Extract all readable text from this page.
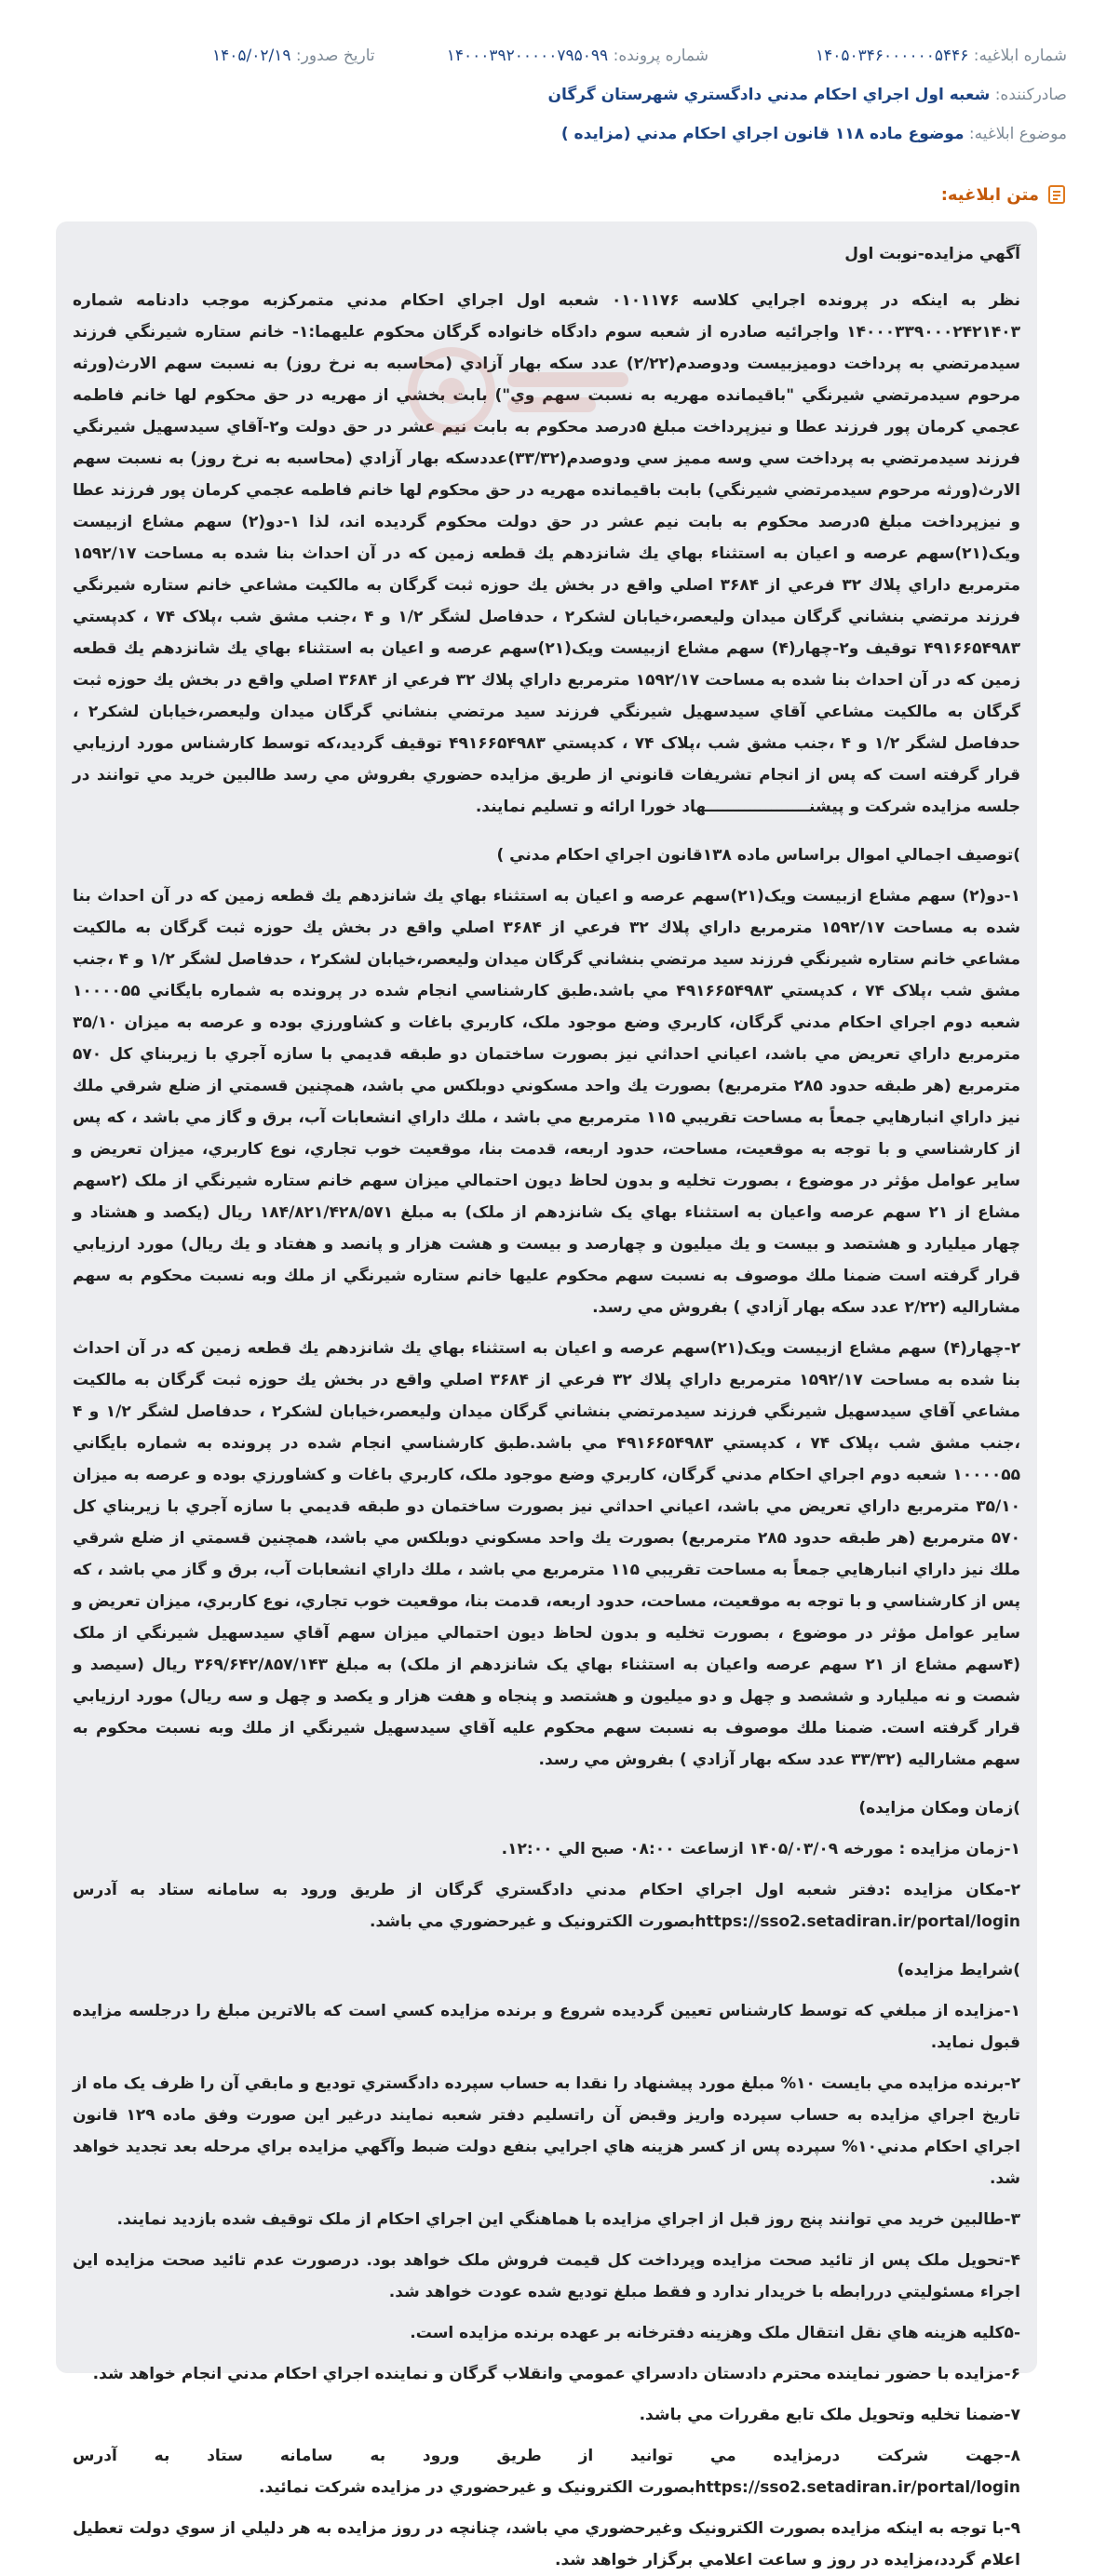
شماره ابلاغيه: ۱۴۰۵۰۳۴۶۰۰۰۰۰۰۵۴۴۶
شماره پرونده: ۱۴۰۰۰۳۹۲۰۰۰۰۰۷۹۵۰۹۹
تاريخ صدور: ۱۴۰۵/۰۲/۱۹
صادرکننده: شعبه اول اجراي احكام مدني دادگستري شهرستان گرگان
موضوع ابلاغيه: موضوع ماده ۱۱۸ قانون اجراي احکام مدني (مزايده )
متن ابلاغيه:

آگهي مزايده-نوبت اول

نظر به اينکه در پرونده اجرايي کلاسه ۰۱۰۱۱۷۶ شعبه اول اجراي احكام مدني متمركزبه موجب دادنامه شماره ۱۴۰۰۰۳۳۹۰۰۰۲۴۲۱۴۰۳ واجرائيه صادره از شعبه سوم دادگاه خانواده گرگان محکوم عليهما:۱- خانم ستاره شيرنگي فرزند سيدمرتضي به پرداخت دوميزبيست ودوصدم(۲/۲۲) عدد سكه بهار آزادي (محاسبه به نرخ روز) به نسبت سهم الارث(ورثه مرحوم سيدمرتضي شيرنگي "باقيمانده مهريه به نسبت سهم وي") بابت بخشي از مهريه در حق محكوم لها خانم فاطمه عجمي كرمان پور فرزند عطا و نيزپرداخت مبلغ ۵درصد محكوم به بابت نيم عشر در حق دولت و۲-آقاي سيدسهيل شيرنگي فرزند سيدمرتضي به پرداخت سي وسه مميز سي ودوصدم(۳۳/۳۲)عددسکه بهار آزادي (محاسبه به نرخ روز) به نسبت سهم الارث(ورثه مرحوم سيدمرتضي شيرنگي) بابت باقيمانده مهريه در حق محكوم لها خانم فاطمه عجمي كرمان پور فرزند عطا و نيزپرداخت مبلغ ۵درصد محكوم به بابت نيم عشر در حق دولت محکوم گرديده اند، لذا ۱-دو(۲) سهم مشاع ازبيست ويک(۲۱)سهم عرصه و اعيان به استثناء بهاي يك شانزدهم يك قطعه زمين كه در آن احداث بنا شده به مساحت ۱۵۹۲/۱۷ مترمربع داراي پلاك ۳۲ فرعي از ۳۶۸۴ اصلي واقع در بخش يك حوزه ثبت گرگان به مالكيت مشاعي خانم ستاره شيرنگي فرزند مرتضي بنشاني گرگان ميدان وليعصر،خيابان لشكر۲ ، حدفاصل لشگر ۱/۲ و ۴ ،جنب مشق شب ،پلاک ۷۴ ، کدپستي ۴۹۱۶۶۵۴۹۸۳ توقيف و۲-چهار(۴) سهم مشاع ازبيست ويک(۲۱)سهم عرصه و اعيان به استثناء بهاي يك شانزدهم يك قطعه زمين كه در آن احداث بنا شده به مساحت ۱۵۹۲/۱۷ مترمربع داراي پلاك ۳۲ فرعي از ۳۶۸۴ اصلي واقع در بخش يك حوزه ثبت گرگان به مالكيت مشاعي آقاي سيدسهيل شيرنگي فرزند سيد مرتضي بنشاني گرگان ميدان وليعصر،خيابان لشكر۲ ، حدفاصل لشگر ۱/۲ و ۴ ،جنب مشق شب ،پلاک ۷۴ ، کدپستي ۴۹۱۶۶۵۴۹۸۳ توقيف گرديد،که توسط کارشناس مورد ارزيابي قرار گرفته است که پس از انجام تشريفات قانوني از طريق مزايده حضوري بفروش مي رسد طالبين خريد مي توانند در جلسه مزايده شركت و پيشنـــــــــــــــــــهاد خورا ارائه و تسليم نمايند.

)توصيف اجمالي اموال براساس ماده ۱۳۸قانون اجراي احکام مدني )

۱-دو(۲) سهم مشاع ازبيست ويک(۲۱)سهم عرصه و اعيان به استثناء بهاي يك شانزدهم يك قطعه زمين كه در آن احداث بنا شده به مساحت ۱۵۹۲/۱۷ مترمربع داراي پلاك ۳۲ فرعي از ۳۶۸۴ اصلي واقع در بخش يك حوزه ثبت گرگان به مالكيت مشاعي خانم ستاره شيرنگي فرزند سيد مرتضي بنشاني گرگان ميدان وليعصر،خيابان لشكر۲ ، حدفاصل لشگر ۱/۲ و ۴ ،جنب مشق شب ،پلاک ۷۴ ، کدپستي ۴۹۱۶۶۵۴۹۸۳ مي باشد.طبق كارشناسي انجام شده در پرونده به شماره بايگاني ۱۰۰۰۰۵۵ شعبه دوم اجراي احكام مدني گرگان، كاربري وضع موجود ملک، كاربري باغات و كشاورزي بوده و عرصه به ميزان ۳۵/۱۰ مترمربع داراي تعريض مي باشد، اعياني احداثي نيز بصورت ساختمان دو طبقه قديمي با سازه آجري با زيربناي کل ۵۷۰ مترمربع (هر طبقه حدود ۲۸۵ مترمربع) بصورت يك واحد مسكوني دوبلكس مي باشد، همچنين قسمتي از ضلع شرقي ملك نيز داراي انبارهايي جمعاً به مساحت تقريبي ۱۱۵ مترمربع مي باشد ، ملك داراي انشعابات آب، برق و گاز مي باشد ، كه پس از كارشناسي و با توجه به موقعيت، مساحت، حدود اربعه، قدمت بنا، موقعيت خوب تجاري، نوع كاربري، ميزان تعريض و ساير عوامل مؤثر در موضوع ، بصورت تخليه و بدون لحاظ ديون احتمالي ميزان سهم خانم ستاره شيرنگي از ملک (۲سهم مشاع از ۲۱ سهم عرصه واعيان به استثناء بهاي يک شانزدهم از ملک) به مبلغ ۱۸۴/۸۲۱/۴۲۸/۵۷۱ ريال (يكصد و هشتاد و چهار ميليارد و هشتصد و بيست و يك ميليون و چهارصد و بيست و هشت هزار و پانصد و هفتاد و يك ريال) مورد ارزيابي قرار گرفته است ضمنا ملك موصوف به نسبت سهم محكوم عليها خانم ستاره شيرنگي از ملك وبه نسبت محكوم به سهم مشاراليه (۲/۲۲ عدد سكه بهار آزادي ) بفروش مي رسد.

۲-چهار(۴) سهم مشاع ازبيست ويک(۲۱)سهم عرصه و اعيان به استثناء بهاي يك شانزدهم يك قطعه زمين كه در آن احداث بنا شده به مساحت ۱۵۹۲/۱۷ مترمربع داراي پلاك ۳۲ فرعي از ۳۶۸۴ اصلي واقع در بخش يك حوزه ثبت گرگان به مالكيت مشاعي آقاي سيدسهيل شيرنگي فرزند سيدمرتضي بنشاني گرگان ميدان وليعصر،خيابان لشكر۲ ، حدفاصل لشگر ۱/۲ و ۴ ،جنب مشق شب ،پلاک ۷۴ ، کدپستي ۴۹۱۶۶۵۴۹۸۳ مي باشد.طبق كارشناسي انجام شده در پرونده به شماره بايگاني ۱۰۰۰۰۵۵ شعبه دوم اجراي احكام مدني گرگان، كاربري وضع موجود ملک، كاربري باغات و كشاورزي بوده و عرصه به ميزان ۳۵/۱۰ مترمربع داراي تعريض مي باشد، اعياني احداثي نيز بصورت ساختمان دو طبقه قديمي با سازه آجري با زيربناي کل ۵۷۰ مترمربع (هر طبقه حدود ۲۸۵ مترمربع) بصورت يك واحد مسكوني دوبلكس مي باشد، همچنين قسمتي از ضلع شرقي ملك نيز داراي انبارهايي جمعاً به مساحت تقريبي ۱۱۵ مترمربع مي باشد ، ملك داراي انشعابات آب، برق و گاز مي باشد ، كه پس از كارشناسي و با توجه به موقعيت، مساحت، حدود اربعه، قدمت بنا، موقعيت خوب تجاري، نوع كاربري، ميزان تعريض و ساير عوامل مؤثر در موضوع ، بصورت تخليه و بدون لحاظ ديون احتمالي ميزان سهم آقاي سيدسهيل شيرنگي از ملک (۴سهم مشاع از ۲۱ سهم عرصه واعيان به استثناء بهاي يک شانزدهم از ملک) به مبلغ ۳۶۹/۶۴۲/۸۵۷/۱۴۳ ريال (سيصد و شصت و نه ميليارد و ششصد و چهل و دو ميليون و هشتصد و پنجاه و هفت هزار و يكصد و چهل و سه ريال) مورد ارزيابي قرار گرفته است. ضمنا ملك موصوف به نسبت سهم محكوم عليه آقاي سيدسهيل شيرنگي از ملك وبه نسبت محكوم به سهم مشاراليه (۳۳/۳۲ عدد سكه بهار آزادي ) بفروش مي رسد.

)زمان ومکان مزايده)

۱-زمان مزايده : مورخه ۱۴۰۵/۰۳/۰۹ ازساعت ۰۸:۰۰ صبح الي ۱۲:۰۰.

۲-مکان مزايده :دفتر شعبه اول اجراي احكام مدني دادگستري گرگان از طريق ورود به سامانه ستاد به آدرس https://sso2.setadiran.ir/portal/loginبصورت الکترونيک و غيرحضوري مي باشد.

)شرايط مزايده)

۱-مزايده از مبلغي که توسط کارشناس تعيين گرديده شروع و برنده مزايده کسي است که بالاترين مبلغ را درجلسه مزايده قبول نمايد.

۲-برنده مزايده مي بايست ۱۰% مبلغ مورد پيشنهاد را نقدا به حساب سپرده دادگستري توديع و مابقي آن را ظرف يک ماه از تاريخ اجراي مزايده به حساب سپرده واريز وقبض آن راتسليم دفتر شعبه نمايند درغير اين صورت وفق ماده ۱۲۹ قانون اجراي احکام مدني۱۰% سپرده پس از کسر هزينه هاي اجرايي بنفع دولت ضبط وآگهي مزايده براي مرحله بعد تجديد خواهد شد.

۳-طالبين خريد مي توانند پنج روز قبل از اجراي مزايده با هماهنگي اين اجراي احكام از ملک توقيف شده بازديد نمايند.

۴-تحويل ملک پس از تائيد صحت مزايده وپرداخت کل قيمت فروش ملک خواهد بود. درصورت عدم تائيد صحت مزايده اين اجراء مسئوليتي دررابطه با خريدار ندارد و فقط مبلغ توديع شده عودت خواهد شد.

-۵کليه هزينه هاي نقل انتقال ملک وهزينه دفترخانه بر عهده برنده مزايده است.

۶-مزايده با حضور نماينده محترم دادستان دادسراي عمومي وانقلاب گرگان و نماينده اجراي احكام مدني انجام خواهد شد.

۷-ضمنا تخليه وتحويل ملک تابع مقررات مي باشد.

۸-جهت شركت درمزايده مي توانيد از طريق ورود به سامانه ستاد به آدرس https://sso2.setadiran.ir/portal/loginبصورت الکترونيک و غيرحضوري در مزايده شركت نمائيد.

۹-با توجه به اينکه مزايده بصورت الكترونيک وغيرحضوري مي باشد، چنانچه در روز مزايده به هر دليلي از سوي دولت تعطيل اعلام گردد،مزايده در روز و ساعت اعلامي برگزار خواهد شد.
